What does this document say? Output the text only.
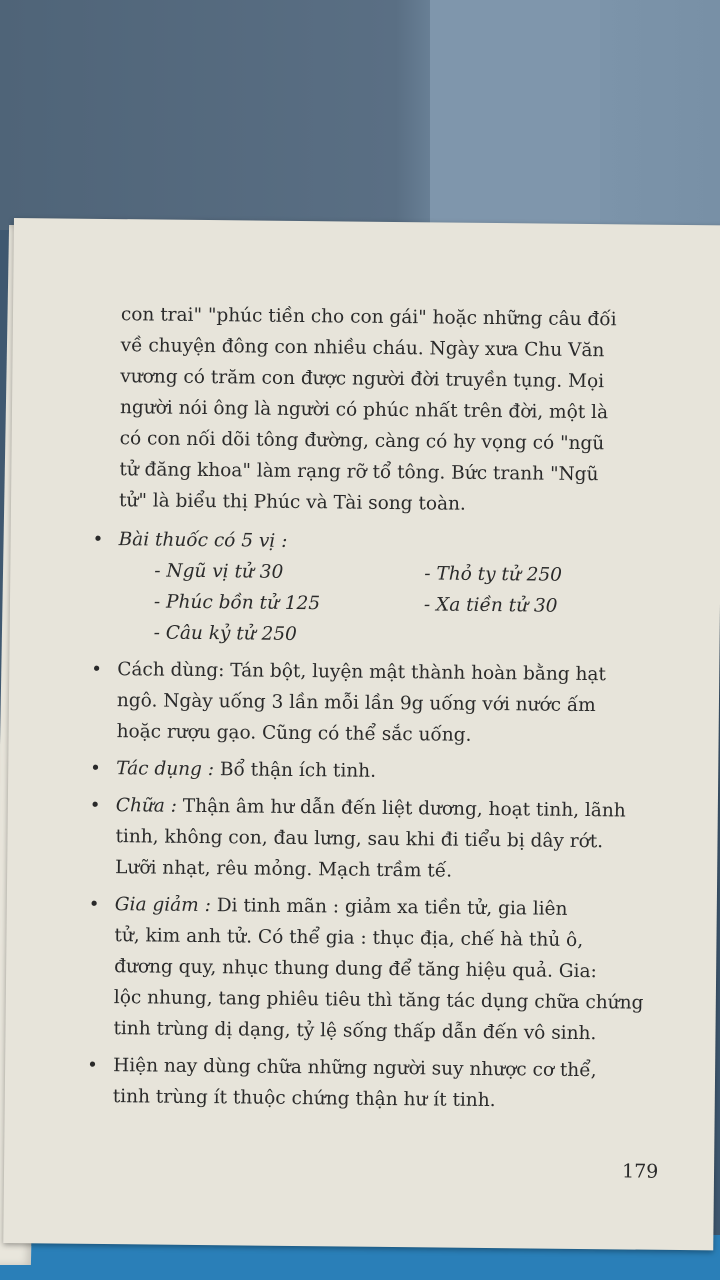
con trai" "phúc tiền cho con gái" hoặc những câu đối

về chuyện đông con nhiều cháu. Ngày xưa Chu Văn

vương có trăm con được người đời truyền tụng. Mọi

người nói ông là người có phúc nhất trên đời, một là

có con nối dõi tông đường, càng có hy vọng có "ngũ

tử đăng khoa" làm rạng rỡ tổ tông. Bức tranh "Ngũ

tử" là biểu thị Phúc và Tài song toàn.

• Bài thuốc có 5 vị :

- Ngũ vị tử 30	- Thỏ ty tử 250
- Phúc bồn tử 125	- Xa tiền tử 30
- Câu kỷ tử 250
• Cách dùng: Tán bột, luyện mật thành hoàn bằng hạt

ngô. Ngày uống 3 lần mỗi lần 9g uống với nước ấm

hoặc rượu gạo. Cũng có thể sắc uống.

• Tác dụng : Bổ thận ích tinh.

• Chữa : Thận âm hư dẫn đến liệt dương, hoạt tinh, lãnh

tinh, không con, đau lưng, sau khi đi tiểu bị dây rớt.

Lưỡi nhạt, rêu mỏng. Mạch trầm tế.

• Gia giảm : Di tinh mãn : giảm xa tiền tử, gia liên

tử, kim anh tử. Có thể gia : thục địa, chế hà thủ ô,

đương quy, nhục thung dung để tăng hiệu quả. Gia:

lộc nhung, tang phiêu tiêu thì tăng tác dụng chữa chứng

tinh trùng dị dạng, tỷ lệ sống thấp dẫn đến vô sinh.

• Hiện nay dùng chữa những người suy nhược cơ thể,

tinh trùng ít thuộc chứng thận hư ít tinh.

179
